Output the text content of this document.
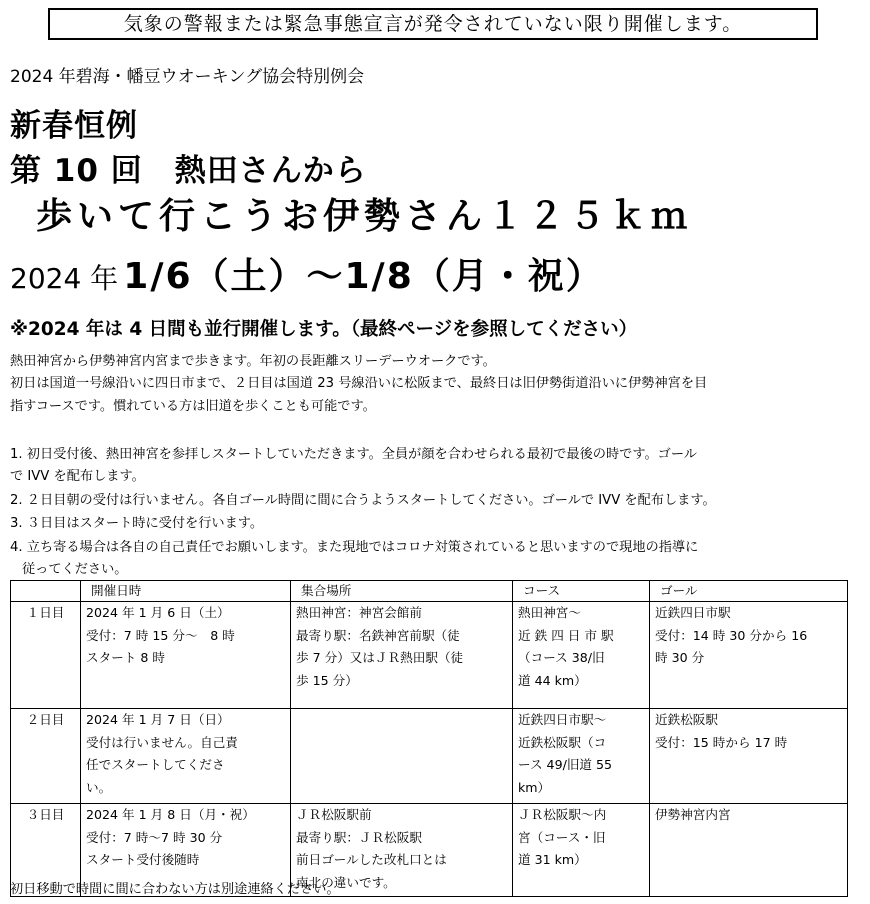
気象の警報または緊急事態宣言が発令されていない限り開催します。
2024 年碧海・幡豆ウオーキング協会特別例会
新春恒例
第 10 回　熱田さんから
歩いて行こうお伊勢さん１２５ｋｍ
2024 年 1/6（土）～1/8（月・祝）
※2024 年は 4 日間も並行開催します。（最終ページを参照してください）
熱田神宮から伊勢神宮内宮まで歩きます。年初の長距離スリーデーウオークです。
初日は国道一号線沿いに四日市まで、２日目は国道 23 号線沿いに松阪まで、最終日は旧伊勢街道沿いに伊勢神宮を目
指すコースです。慣れている方は旧道を歩くことも可能です。
1. 初日受付後、熱田神宮を参拝しスタートしていただきます。全員が顔を合わせられる最初で最後の時です。ゴール
で IVV を配布します。
2. ２日目朝の受付は行いません。各自ゴール時間に間に合うようスタートしてください。ゴールで IVV を配布します。
3. ３日目はスタート時に受付を行います。
4. 立ち寄る場合は各自の自己責任でお願いします。また現地ではコロナ対策されていると思いますので現地の指導に
従ってください。
	開催日時	集合場所	コース	ゴール
１日目	2024 年 1 月 6 日（土）
受付：7 時 15 分～　8 時
スタート 8 時	熱田神宮：神宮会館前
最寄り駅：名鉄神宮前駅（徒
歩 7 分）又はＪＲ熱田駅（徒
歩 15 分）	熱田神宮～
近 鉄 四 日 市 駅
（コース 38/旧
道 44 km）	近鉄四日市駅
受付：14 時 30 分から 16
時 30 分

２日目	2024 年 1 月 7 日（日）
受付は行いません。自己責
任でスタートしてくださ
い。		近鉄四日市駅～
近鉄松阪駅（コ
ース 49/旧道 55
km）	近鉄松阪駅
受付：15 時から 17 時

３日目	2024 年 1 月 8 日（月・祝）
受付：7 時～7 時 30 分
スタート受付後随時	ＪＲ松阪駅前
最寄り駅：ＪＲ松阪駅
前日ゴールした改札口とは
南北の違いです。	ＪＲ松阪駅～内
宮（コース・旧
道 31 km）	伊勢神宮内宮
初日移動で時間に間に合わない方は別途連絡ください。
